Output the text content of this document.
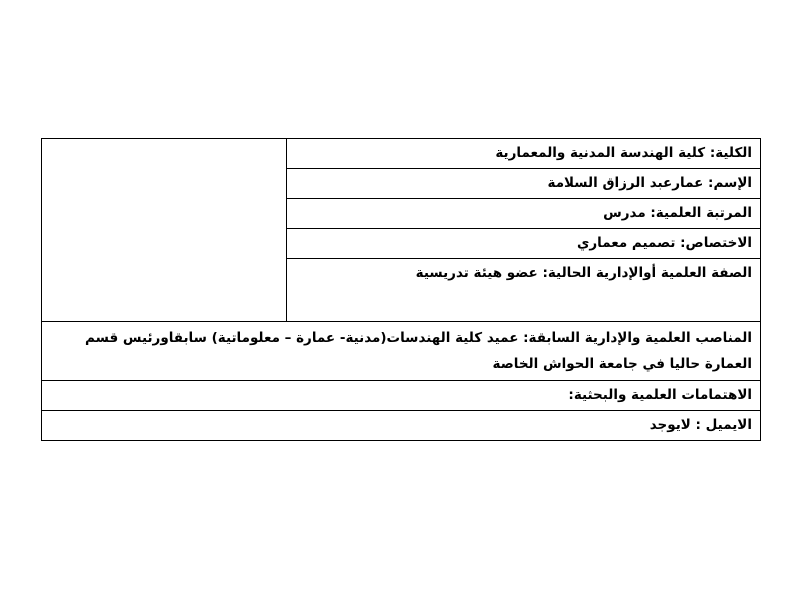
الكلية: كلية الهندسة المدنية والمعمارية	
الإسم: عمارعبد الرزاق السلامة
المرتبة العلمية: مدرس
الاختصاص: تصميم معماري
الصفة العلمية أوالإدارية الحالية: عضو هيئة تدريسية
المناصب العلمية والإدارية السابقة: عميد كلية الهندسات(مدنية- عمارة – معلوماتية) سابقاورئيس قسم العمارة حاليا في جامعة الحواش الخاصة
الاهتمامات العلمية والبحثية:
الايميل : لايوجد
